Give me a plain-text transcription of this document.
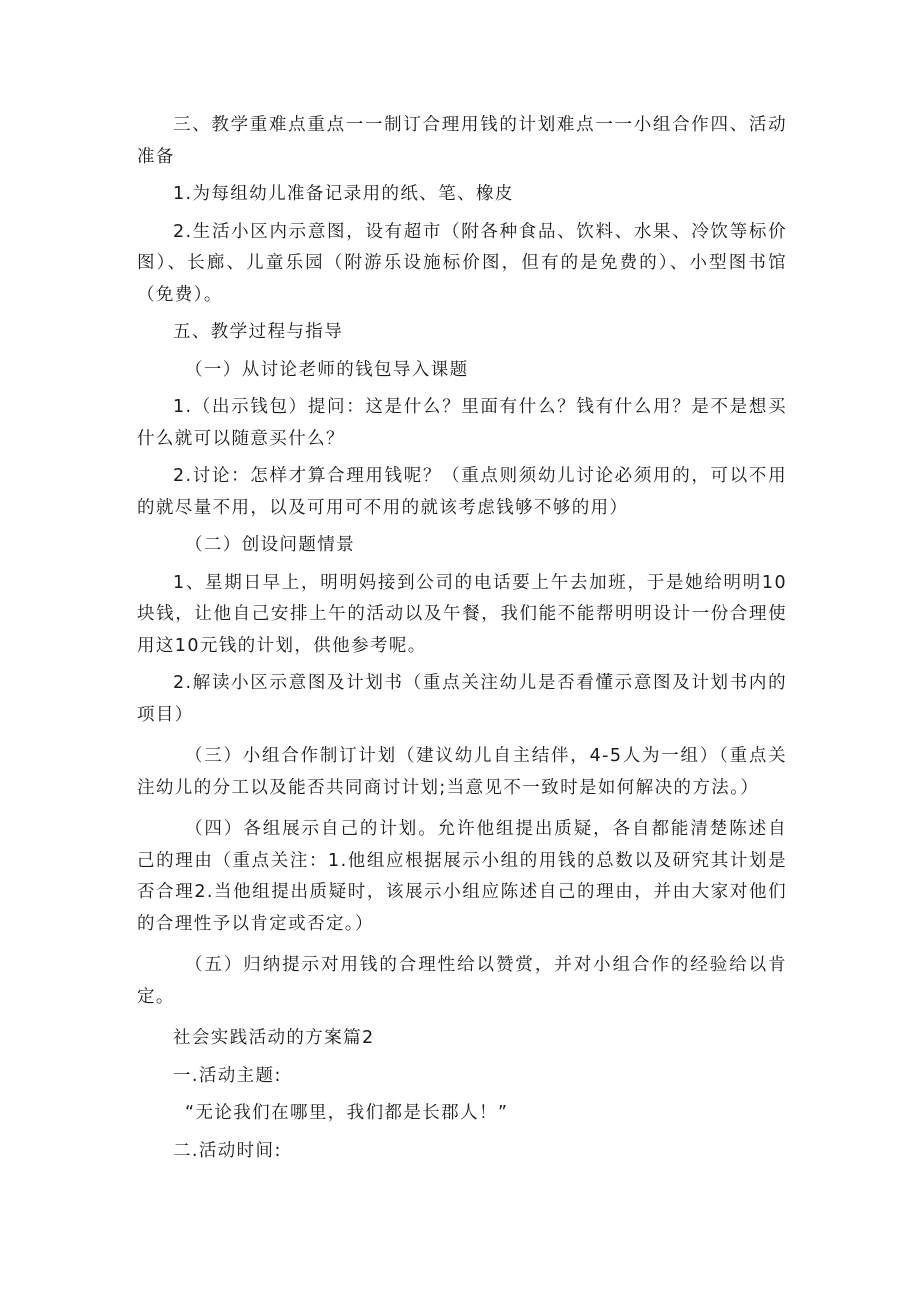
三、教学重难点重点一一制订合理用钱的计划难点一一小组合作四、活动准备

1.为每组幼儿准备记录用的纸、笔、橡皮

2.生活小区内示意图，设有超市（附各种食品、饮料、水果、冷饮等标价图）、长廊、儿童乐园（附游乐设施标价图，但有的是免费的）、小型图书馆（免费）。

五、教学过程与指导

（一）从讨论老师的钱包导入课题

1.（出示钱包）提问：这是什么？里面有什么？钱有什么用？是不是想买什么就可以随意买什么？

2.讨论：怎样才算合理用钱呢？（重点则须幼儿讨论必须用的，可以不用的就尽量不用，以及可用可不用的就该考虑钱够不够的用）

（二）创设问题情景

1、星期日早上，明明妈接到公司的电话要上午去加班，于是她给明明10块钱，让他自己安排上午的活动以及午餐，我们能不能帮明明设计一份合理使用这10元钱的计划，供他参考呢。

2.解读小区示意图及计划书（重点关注幼儿是否看懂示意图及计划书内的项目）

（三）小组合作制订计划（建议幼儿自主结伴，4-5人为一组）（重点关注幼儿的分工以及能否共同商讨计划;当意见不一致时是如何解决的方法。）

（四）各组展示自己的计划。允许他组提出质疑，各自都能清楚陈述自己的理由（重点关注：1.他组应根据展示小组的用钱的总数以及研究其计划是否合理2.当他组提出质疑时，该展示小组应陈述自己的理由，并由大家对他们的合理性予以肯定或否定。）

（五）归纳提示对用钱的合理性给以赞赏，并对小组合作的经验给以肯定。

社会实践活动的方案篇2

一.活动主题:

“无论我们在哪里，我们都是长郡人！”

二.活动时间:
